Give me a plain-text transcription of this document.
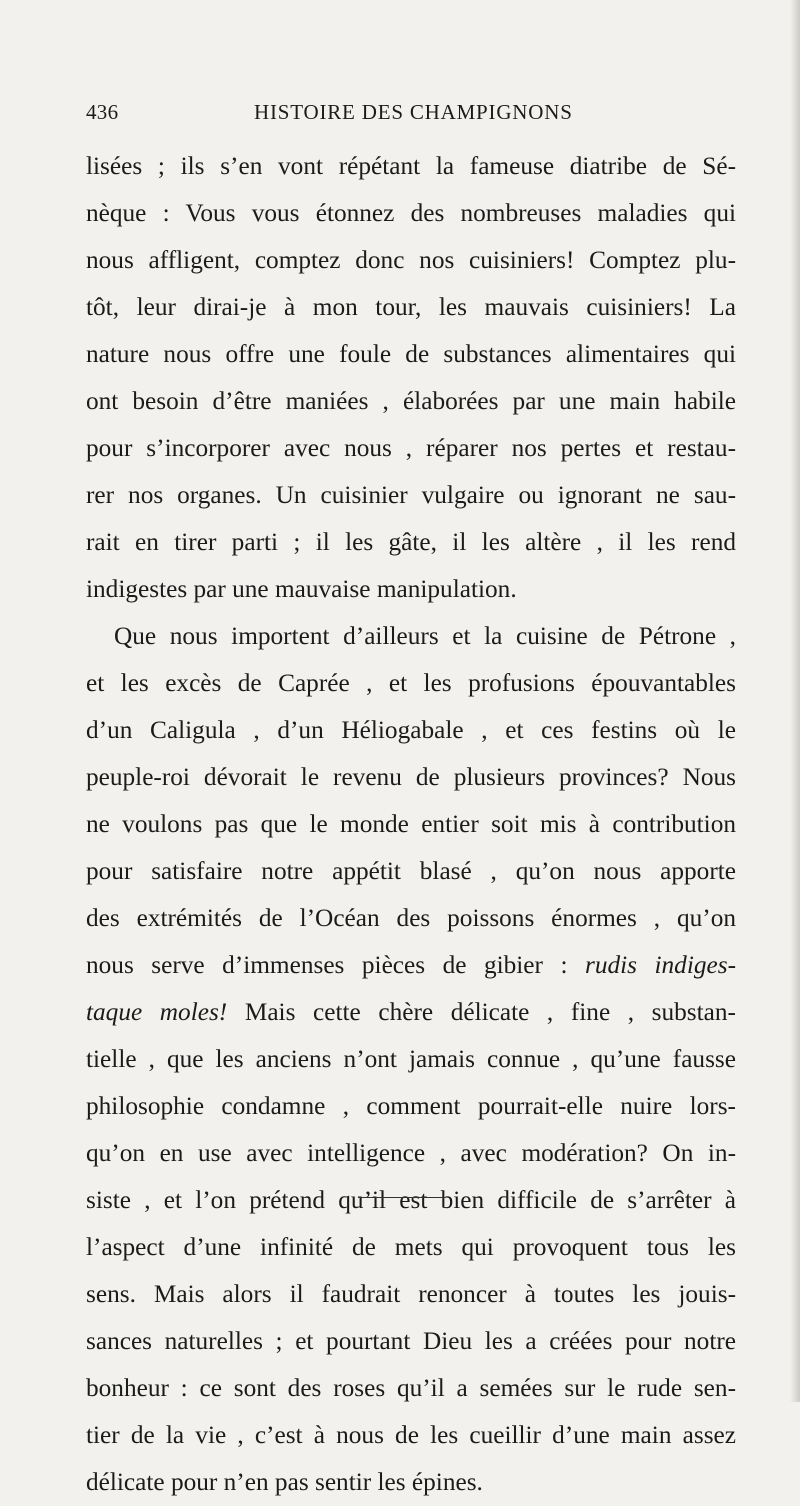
436	HISTOIRE DES CHAMPIGNONS
lisées ; ils s’en vont répétant la fameuse diatribe de Sé-
nèque : Vous vous étonnez des nombreuses maladies qui
nous affligent, comptez donc nos cuisiniers! Comptez plu-
tôt, leur dirai-je à mon tour, les mauvais cuisiniers! La
nature nous offre une foule de substances alimentaires qui
ont besoin d’être maniées , élaborées par une main habile
pour s’incorporer avec nous , réparer nos pertes et restau-
rer nos organes. Un cuisinier vulgaire ou ignorant ne sau-
rait en tirer parti ; il les gâte, il les altère , il les rend
indigestes par une mauvaise manipulation.
Que nous importent d’ailleurs et la cuisine de Pétrone ,
et les excès de Caprée , et les profusions épouvantables
d’un Caligula , d’un Héliogabale , et ces festins où le
peuple-roi dévorait le revenu de plusieurs provinces? Nous
ne voulons pas que le monde entier soit mis à contribution
pour satisfaire notre appétit blasé , qu’on nous apporte
des extrémités de l’Océan des poissons énormes , qu’on
nous serve d’immenses pièces de gibier : rudis indiges-
taque moles! Mais cette chère délicate , fine , substan-
tielle , que les anciens n’ont jamais connue , qu’une fausse
philosophie condamne , comment pourrait-elle nuire lors-
qu’on en use avec intelligence , avec modération? On in-
siste , et l’on prétend qu’il est bien difficile de s’arrêter à
l’aspect d’une infinité de mets qui provoquent tous les
sens. Mais alors il faudrait renoncer à toutes les jouis-
sances naturelles ; et pourtant Dieu les a créées pour notre
bonheur : ce sont des roses qu’il a semées sur le rude sen-
tier de la vie , c’est à nous de les cueillir d’une main assez
délicate pour n’en pas sentir les épines.
